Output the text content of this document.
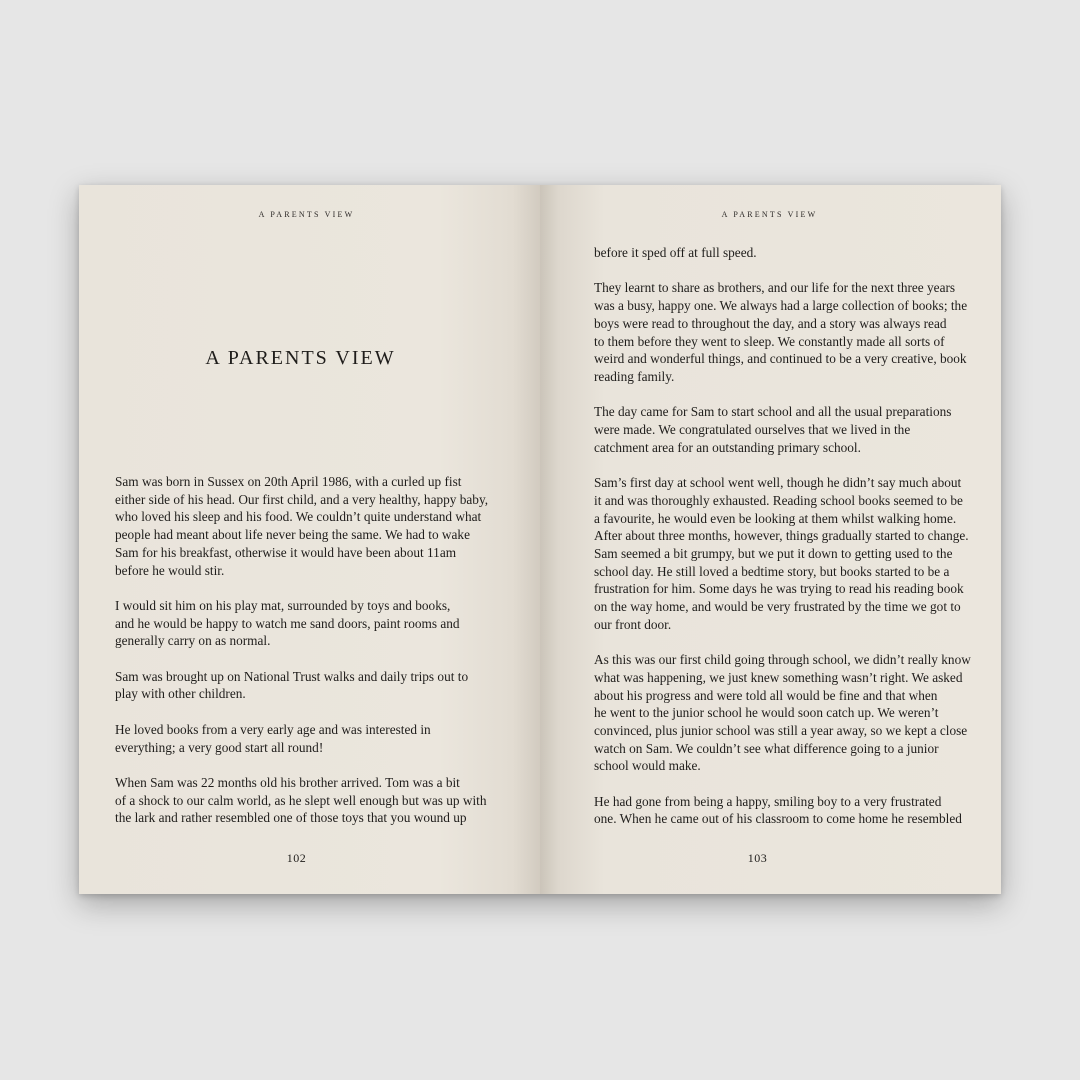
A PARENTS VIEW
A PARENTS VIEW

Sam was born in Sussex on 20th April 1986, with a curled up fist
either side of his head. Our first child, and a very healthy, happy baby,
who loved his sleep and his food. We couldn’t quite understand what
people had meant about life never being the same. We had to wake
Sam for his breakfast, otherwise it would have been about 11am
before he would stir.

I would sit him on his play mat, surrounded by toys and books,
and he would be happy to watch me sand doors, paint rooms and
generally carry on as normal.

Sam was brought up on National Trust walks and daily trips out to
play with other children.

He loved books from a very early age and was interested in
everything; a very good start all round!

When Sam was 22 months old his brother arrived. Tom was a bit
of a shock to our calm world, as he slept well enough but was up with
the lark and rather resembled one of those toys that you wound up

102
A PARENTS VIEW

before it sped off at full speed.

They learnt to share as brothers, and our life for the next three years
was a busy, happy one. We always had a large collection of books; the
boys were read to throughout the day, and a story was always read
to them before they went to sleep. We constantly made all sorts of
weird and wonderful things, and continued to be a very creative, book
reading family.

The day came for Sam to start school and all the usual preparations
were made. We congratulated ourselves that we lived in the
catchment area for an outstanding primary school.

Sam’s first day at school went well, though he didn’t say much about
it and was thoroughly exhausted. Reading school books seemed to be
a favourite, he would even be looking at them whilst walking home.
After about three months, however, things gradually started to change.
Sam seemed a bit grumpy, but we put it down to getting used to the
school day. He still loved a bedtime story, but books started to be a
frustration for him. Some days he was trying to read his reading book
on the way home, and would be very frustrated by the time we got to
our front door.

As this was our first child going through school, we didn’t really know
what was happening, we just knew something wasn’t right. We asked
about his progress and were told all would be fine and that when
he went to the junior school he would soon catch up. We weren’t
convinced, plus junior school was still a year away, so we kept a close
watch on Sam. We couldn’t see what difference going to a junior
school would make.

He had gone from being a happy, smiling boy to a very frustrated
one. When he came out of his classroom to come home he resembled

103
